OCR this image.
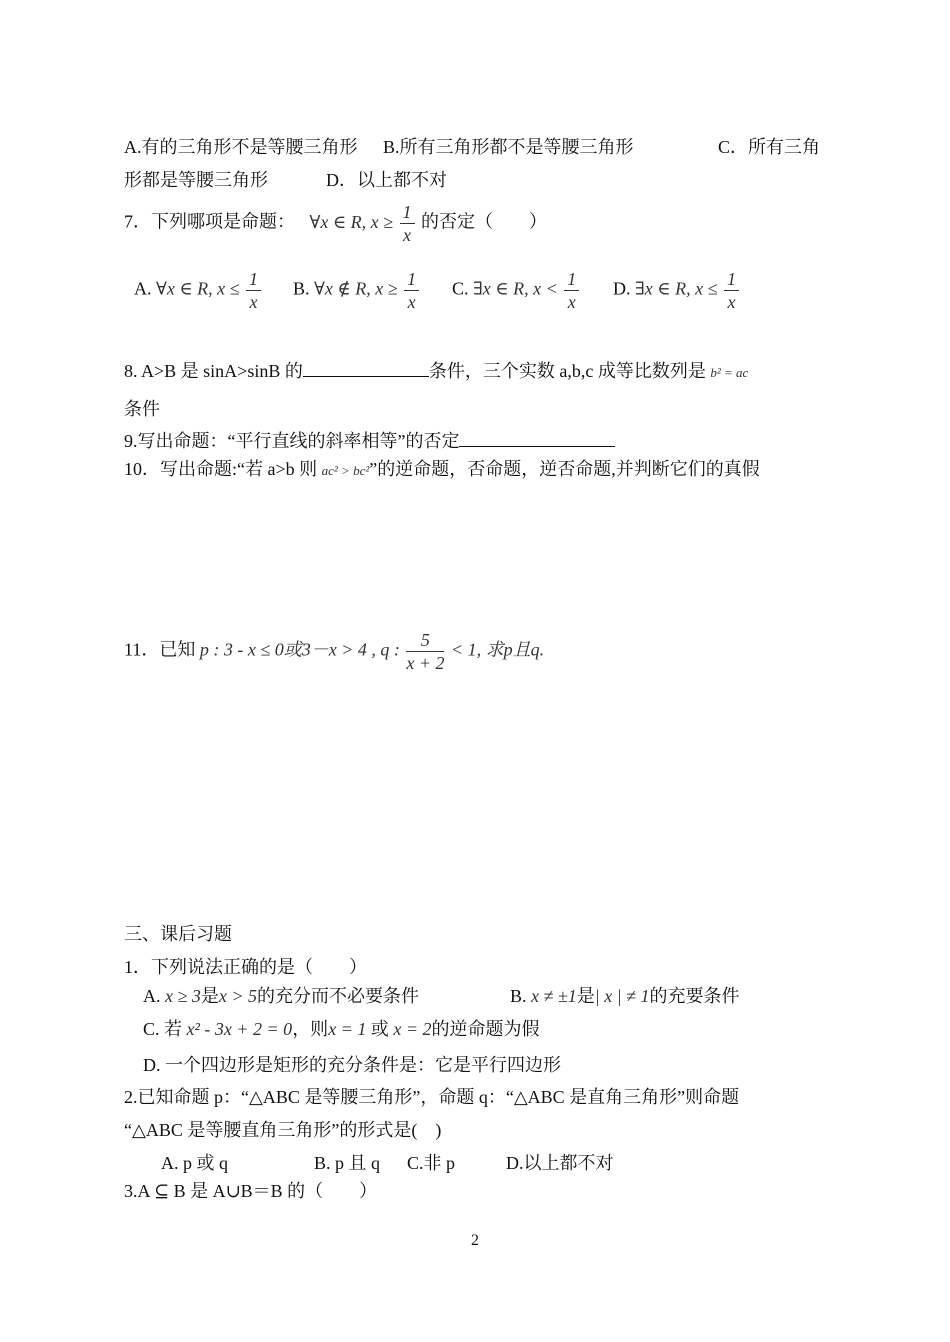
A.有的三角形不是等腰三角形 B.所有三角形都不是等腰三角形	C．所有三角
形都是等腰三角形	D．以上都不对
7．下列哪项是命题： ∀x ∈ R, $x \ge \frac{1}{x}$ 的否定（　　）
A. ∀x ∈ R, $x \le \frac{1}{x} B$. ∀x ∉ R, $x \ge \frac{1}{x} C$. ∃x ∈ R, $x < \frac{1}{x} D$. ∃x ∈ R, $x \le \frac{1}{x}$
8. A>B 是 sinA>sinB 的	条件，三个实数 a,b,c 成等比数列是 b² = ac
条件
9.写出命题：“平行直线的斜率相等”的否定
10．写出命题:“若 a>b 则 ac² > bc²”的逆命题，否命题，逆否命题,并判断它们的真假
11．已知 p : 3 - x ≤ 0或3－x > 4 , q : $\frac{5}{x + 2} < 1$, 求p且q.
三、课后习题
1．下列说法正确的是（　　）
A. x ≥ 3是x > 5的充分而不必要条件	B. x ≠ ±1是| x | ≠ 1的充要条件
C. 若 x² - 3x + 2 = 0，则x = 1 或 x = 2的逆命题为假
D. 一个四边形是矩形的充分条件是：它是平行四边形
2.已知命题 p：“△ABC 是等腰三角形”，命题 q：“△ABC 是直角三角形”则命题
“△ABC 是等腰直角三角形”的形式是(　)
A. p 或 q	B. p 且 q C.非 p	D.以上都不对
3.A ⊆ B 是 A∪B＝B 的（　　）
2
